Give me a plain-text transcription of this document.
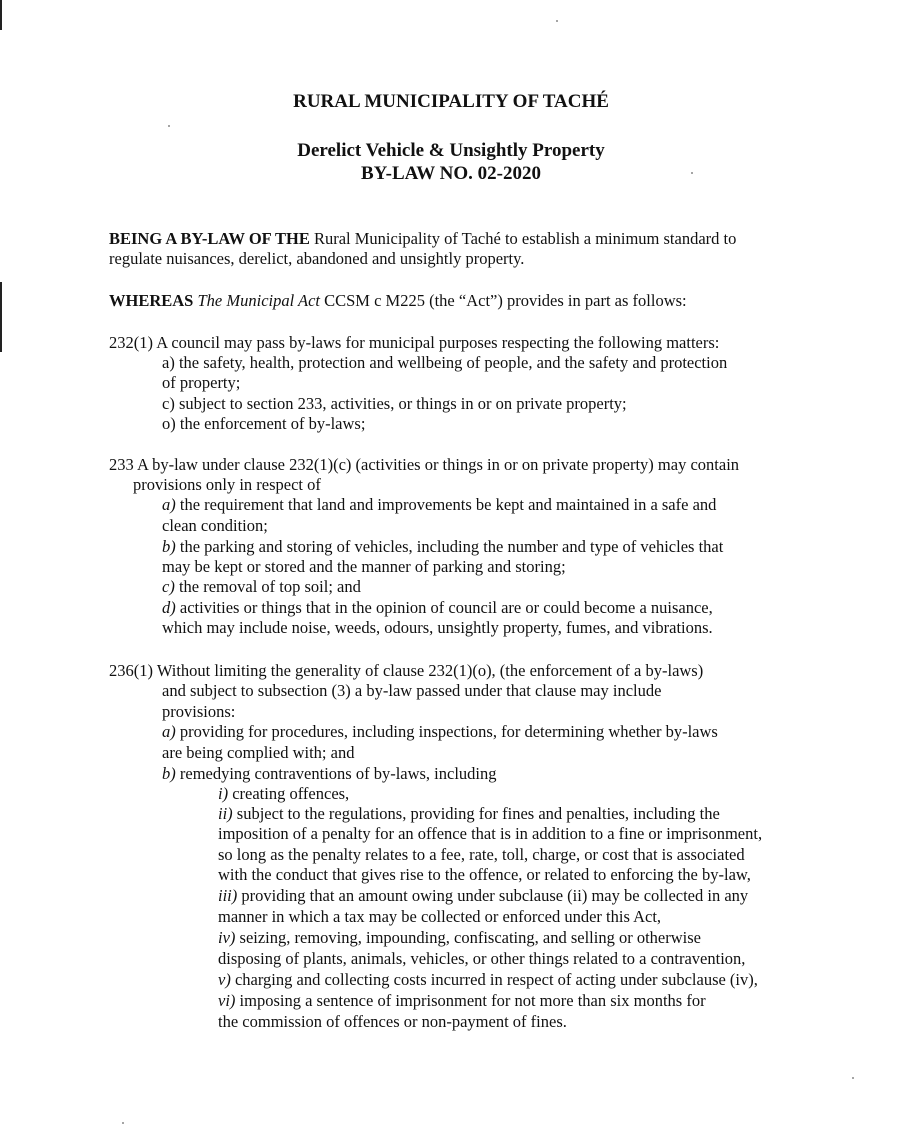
RURAL MUNICIPALITY OF TACHÉ
Derelict Vehicle & Unsightly Property
BY-LAW NO. 02-2020
BEING A BY-LAW OF THE Rural Municipality of Taché to establish a minimum standard to
regulate nuisances, derelict, abandoned and unsightly property.
WHEREAS The Municipal Act CCSM c M225 (the “Act”) provides in part as follows:
232(1) A council may pass by-laws for municipal purposes respecting the following matters:
a) the safety, health, protection and wellbeing of people, and the safety and protection
of property;
c) subject to section 233, activities, or things in or on private property;
o) the enforcement of by-laws;
233 A by-law under clause 232(1)(c) (activities or things in or on private property) may contain
provisions only in respect of
a) the requirement that land and improvements be kept and maintained in a safe and
clean condition;
b) the parking and storing of vehicles, including the number and type of vehicles that
may be kept or stored and the manner of parking and storing;
c) the removal of top soil; and
d) activities or things that in the opinion of council are or could become a nuisance,
which may include noise, weeds, odours, unsightly property, fumes, and vibrations.
236(1) Without limiting the generality of clause 232(1)(o), (the enforcement of a by-laws)
and subject to subsection (3) a by-law passed under that clause may include
provisions:
a) providing for procedures, including inspections, for determining whether by-laws
are being complied with; and
b) remedying contraventions of by-laws, including
i) creating offences,
ii) subject to the regulations, providing for fines and penalties, including the
imposition of a penalty for an offence that is in addition to a fine or imprisonment,
so long as the penalty relates to a fee, rate, toll, charge, or cost that is associated
with the conduct that gives rise to the offence, or related to enforcing the by-law,
iii) providing that an amount owing under subclause (ii) may be collected in any
manner in which a tax may be collected or enforced under this Act,
iv) seizing, removing, impounding, confiscating, and selling or otherwise
disposing of plants, animals, vehicles, or other things related to a contravention,
v) charging and collecting costs incurred in respect of acting under subclause (iv),
vi) imposing a sentence of imprisonment for not more than six months for
the commission of offences or non-payment of fines.
